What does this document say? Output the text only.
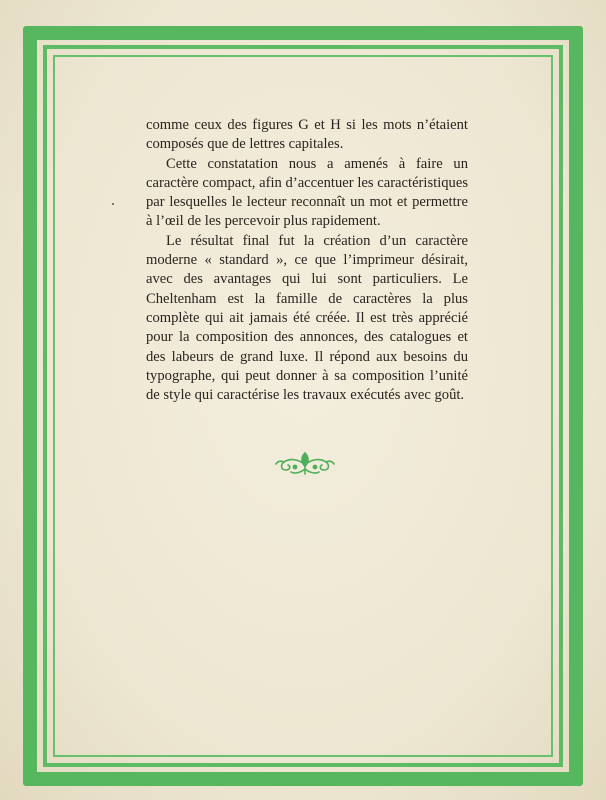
comme ceux des figures G et H si les mots n’étaient composés que de lettres capitales.

Cette constatation nous a amenés à faire un caractère compact, afin d’accentuer les caractéristiques par lesquelles le lecteur reconnaît un mot et permettre à l’œil de les percevoir plus rapidement.

Le résultat final fut la création d’un caractère moderne « standard », ce que l’imprimeur désirait, avec des avantages qui lui sont particuliers. Le Cheltenham est la famille de caractères la plus complète qui ait jamais été créée. Il est très apprécié pour la composition des annonces, des catalogues et des labeurs de grand luxe. Il répond aux besoins du typographe, qui peut donner à sa composition l’unité de style qui caractérise les travaux exécutés avec goût.
